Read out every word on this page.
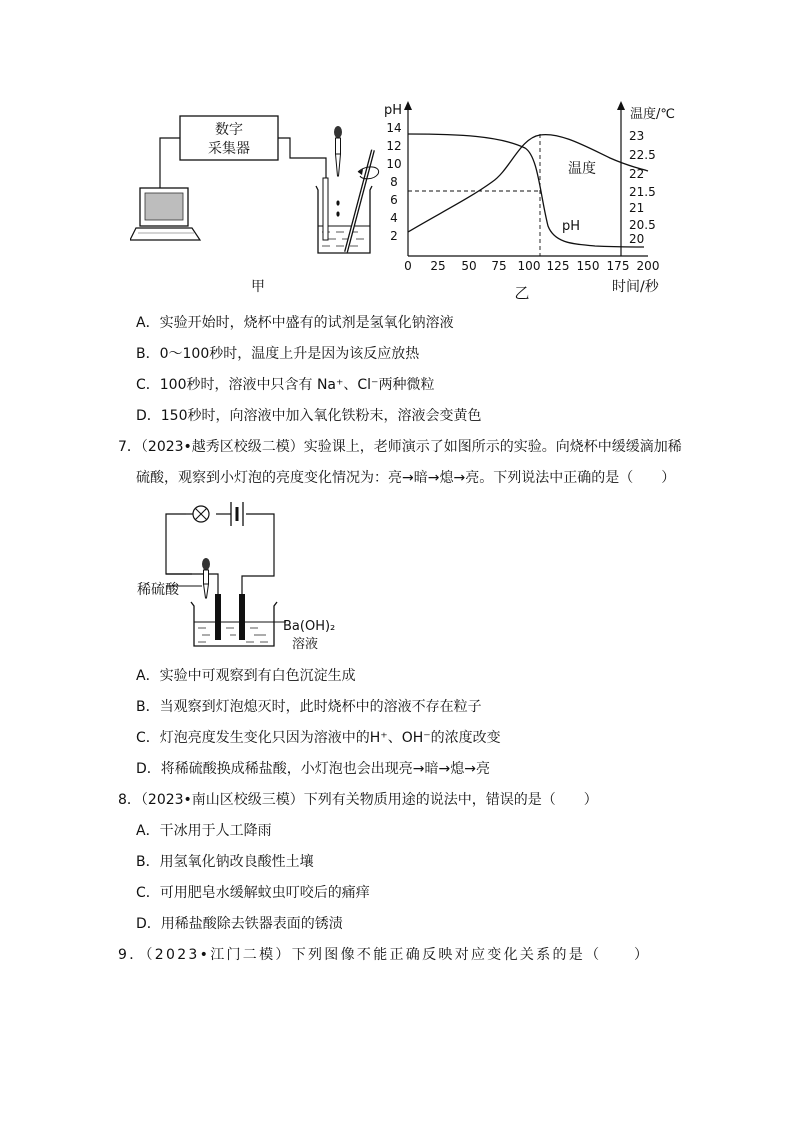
数字
采集器
甲
pH	温度/℃
时间/秒
乙
14
12
10
8
6
4
2
23
22.5
22
21.5
21
20.5
20
0 25 50 75 100 125 150 175 200
温度
pH
A．实验开始时，烧杯中盛有的试剂是氢氧化钠溶液
B．0～100秒时，温度上升是因为该反应放热
C．100秒时，溶液中只含有 Na⁺、Cl⁻两种微粒
D．150秒时，向溶液中加入氧化铁粉末，溶液会变黄色
7．（2023•越秀区校级二模）实验课上，老师演示了如图所示的实验。向烧杯中缓缓滴加稀
硫酸，观察到小灯泡的亮度变化情况为：亮→暗→熄→亮。下列说法中正确的是（　　）
稀硫酸
Ba(OH)₂
溶液
A．实验中可观察到有白色沉淀生成
B．当观察到灯泡熄灭时，此时烧杯中的溶液不存在粒子
C．灯泡亮度发生变化只因为溶液中的H⁺、OH⁻的浓度改变
D．将稀硫酸换成稀盐酸，小灯泡也会出现亮→暗→熄→亮
8．（2023•南山区校级三模）下列有关物质用途的说法中，错误的是（　　）
A．干冰用于人工降雨
B．用氢氧化钠改良酸性土壤
C．可用肥皂水缓解蚊虫叮咬后的痛痒
D．用稀盐酸除去铁器表面的锈渍
9．（2023•江门二模）下列图像不能正确反映对应变化关系的是（　　）
